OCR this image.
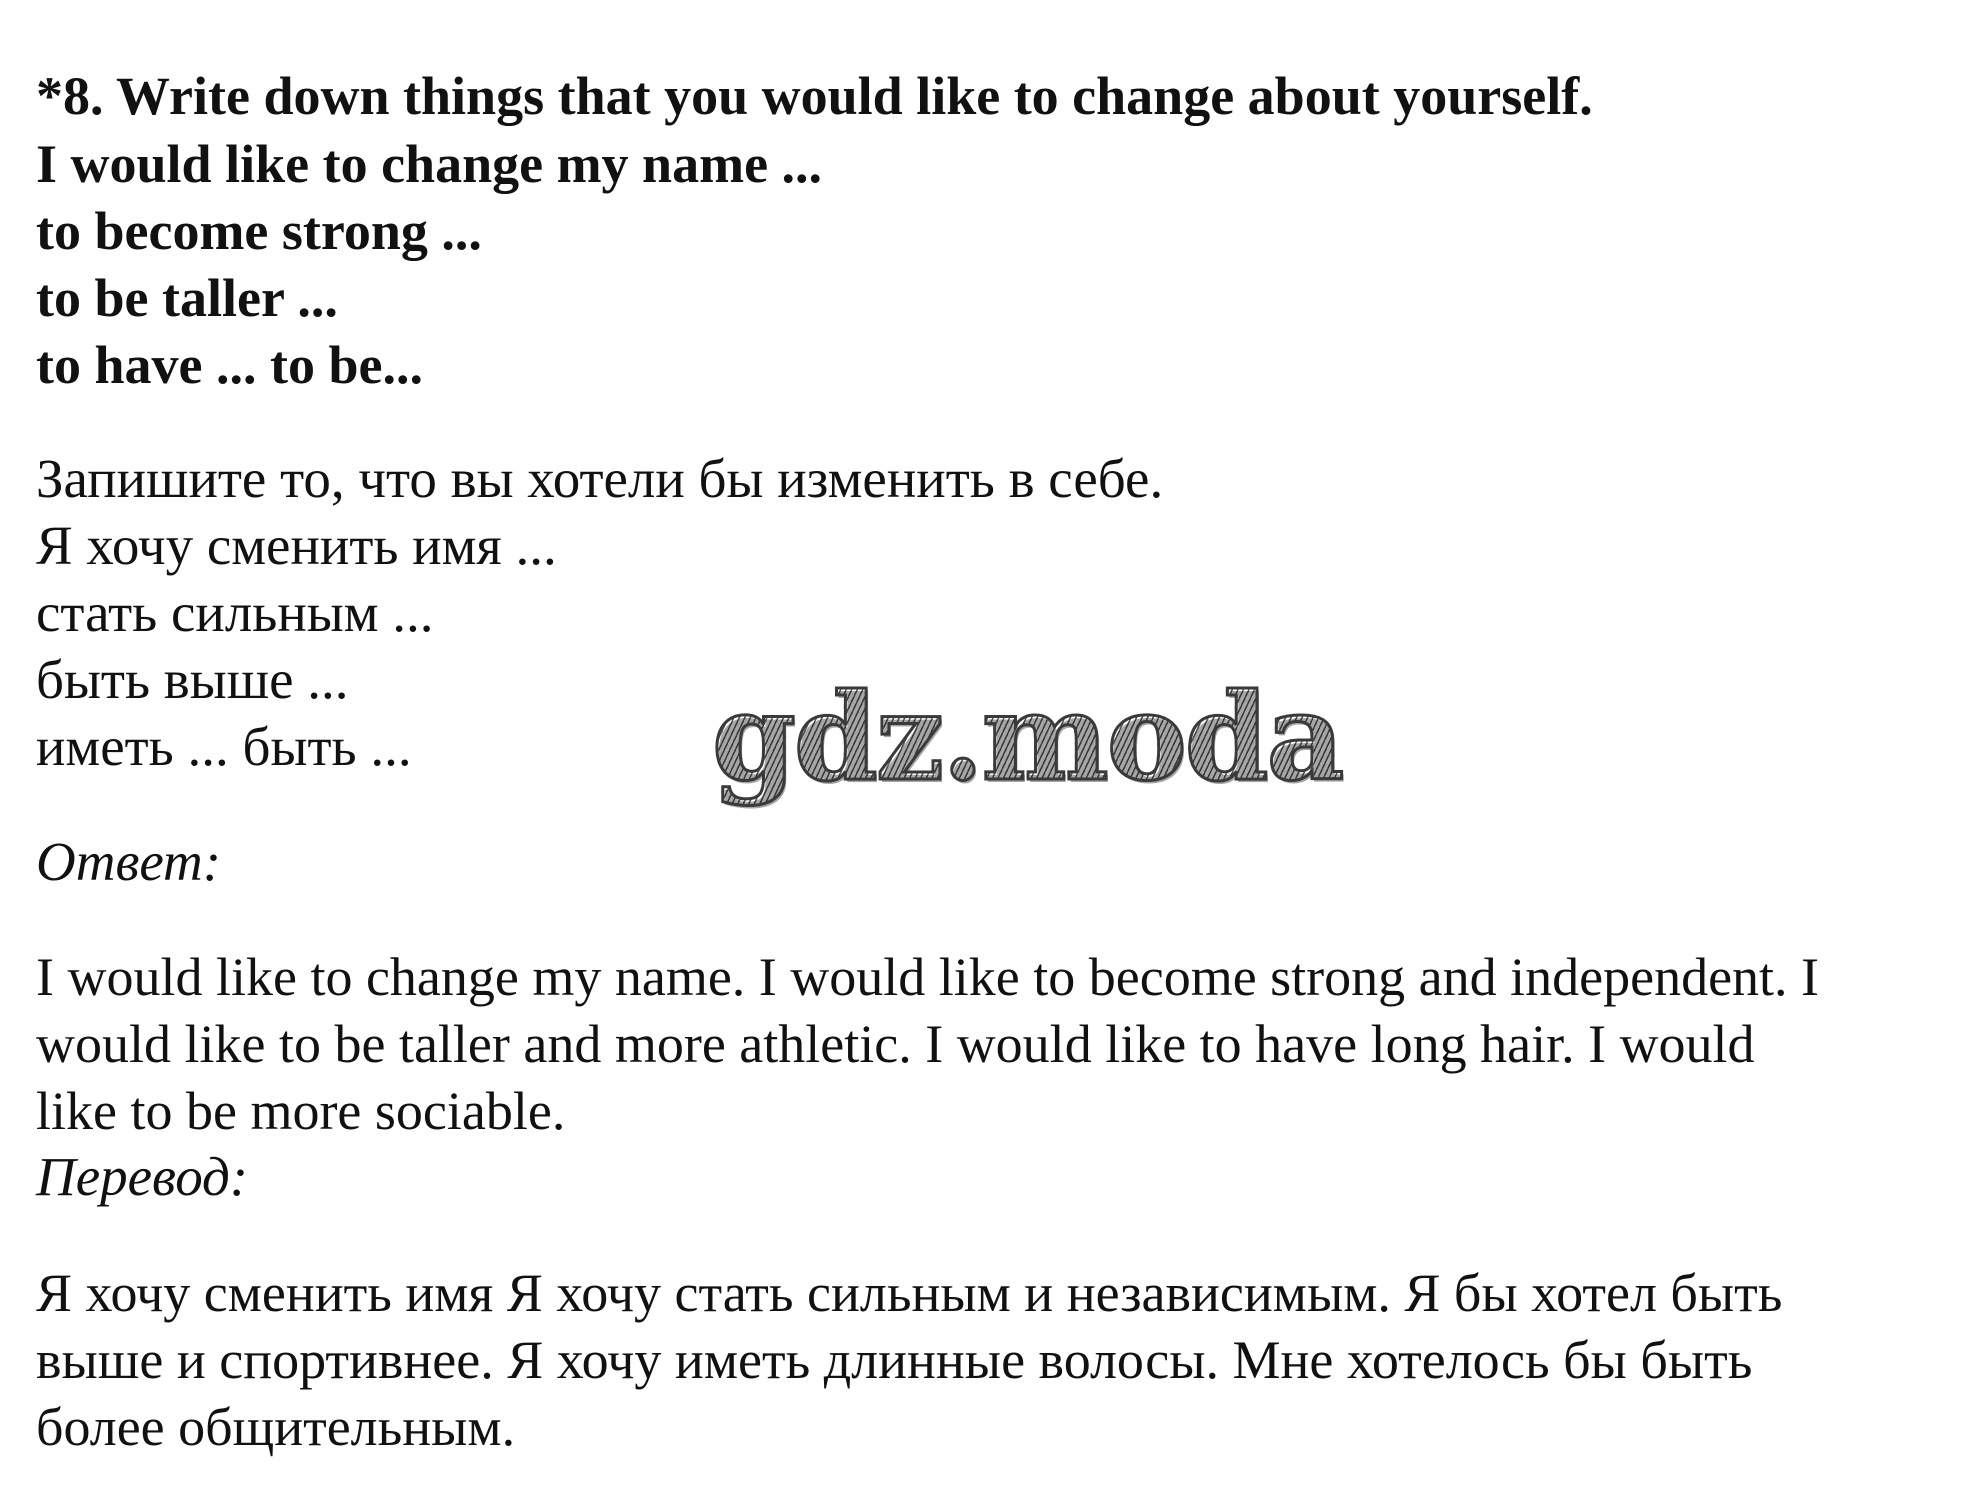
*8. Write down things that you would like to change about yourself.

I would like to change my name ...

to become strong ...

to be taller ...

to have ... to be...

Запишите то, что вы хотели бы изменить в себе.

Я хочу сменить имя ...

стать сильным ...

быть выше ...

иметь ... быть ...	gdz.moda

Ответ:

I would like to change my name. I would like to become strong and independent. I
would like to be taller and more athletic. I would like to have long hair. I would
like to be more sociable.

Перевод:

Я хочу сменить имя Я хочу стать сильным и независимым. Я бы хотел быть
выше и спортивнее. Я хочу иметь длинные волосы. Мне хотелось бы быть
более общительным.
